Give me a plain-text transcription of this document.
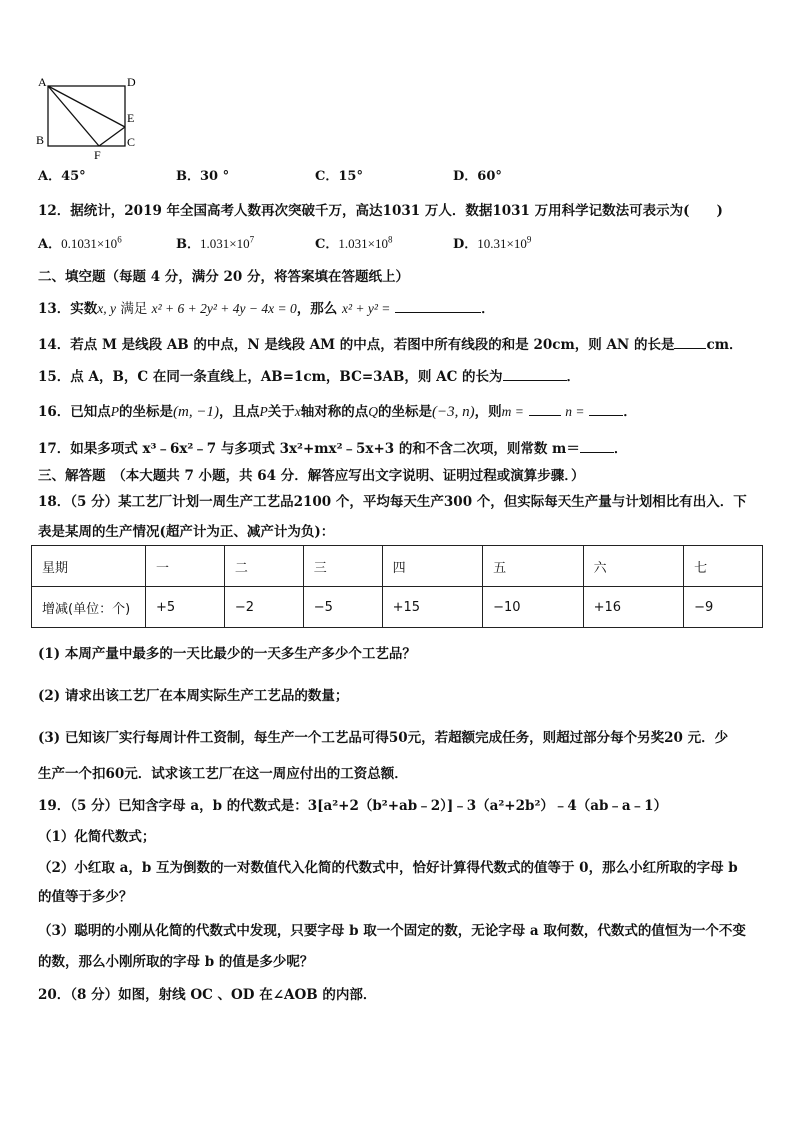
A	D
E
B	C
F
A．45°	B．30 °	C．15°	D．60°
12．据统计，2019 年全国高考人数再次突破千万，高达1031 万人．数据1031 万用科学记数法可表示为(　　)
A．$0.1031\times 10^6$	B．$1.031\times 10^7$	C．$1.031\times 10^8$	D．$10.31\times 10^9$
二、填空题（每题 4 分，满分 20 分，将答案填在答题纸上）
13．实数x, y 满足 x² + 6 + 2y² + 4y − 4x = 0，那么 x² + y² =	．
14．若点 M 是线段 AB 的中点，N 是线段 AM 的中点，若图中所有线段的和是 20cm，则 AN 的长是 cm．
15．点 A，B，C 在同一条直线上，AB=1cm，BC=3AB，则 AC 的长为	．
16．已知点P的坐标是(m, −1)，且点P关于x轴对称的点Q的坐标是(−3, n)，则m =	n =	．
17．如果多项式 x³﹣6x²﹣7 与多项式 3x²+mx²﹣5x+3 的和不含二次项，则常数 m＝	．
三、解答题　（本大题共 7 小题，共 64 分．解答应写出文字说明、证明过程或演算步骤．）
18．（5 分）某工艺厂计划一周生产工艺品2100 个，平均每天生产300 个，但实际每天生产量与计划相比有出入．下
表是某周的生产情况(超产计为正、减产计为负)：
星期	一	二	三	四	五	六	七
增减(单位：个)	+5	−2	−5	+15	−10	+16	−9
(1) 本周产量中最多的一天比最少的一天多生产多少个工艺品？
(2) 请求出该工艺厂在本周实际生产工艺品的数量；
(3) 已知该厂实行每周计件工资制，每生产一个工艺品可得50元，若超额完成任务，则超过部分每个另奖20 元．少
生产一个扣60元．试求该工艺厂在这一周应付出的工资总额．
19．（5 分）已知含字母 a，b 的代数式是：3[a²+2（b²+ab﹣2）]﹣3（a²+2b²）﹣4（ab﹣a﹣1）
（1）化简代数式；
（2）小红取 a，b 互为倒数的一对数值代入化简的代数式中，恰好计算得代数式的值等于 0，那么小红所取的字母 b
的值等于多少？
（3）聪明的小刚从化简的代数式中发现，只要字母 b 取一个固定的数，无论字母 a 取何数，代数式的值恒为一个不变
的数，那么小刚所取的字母 b 的值是多少呢？
20．（8 分）如图，射线 OC 、OD 在∠AOB 的内部．
